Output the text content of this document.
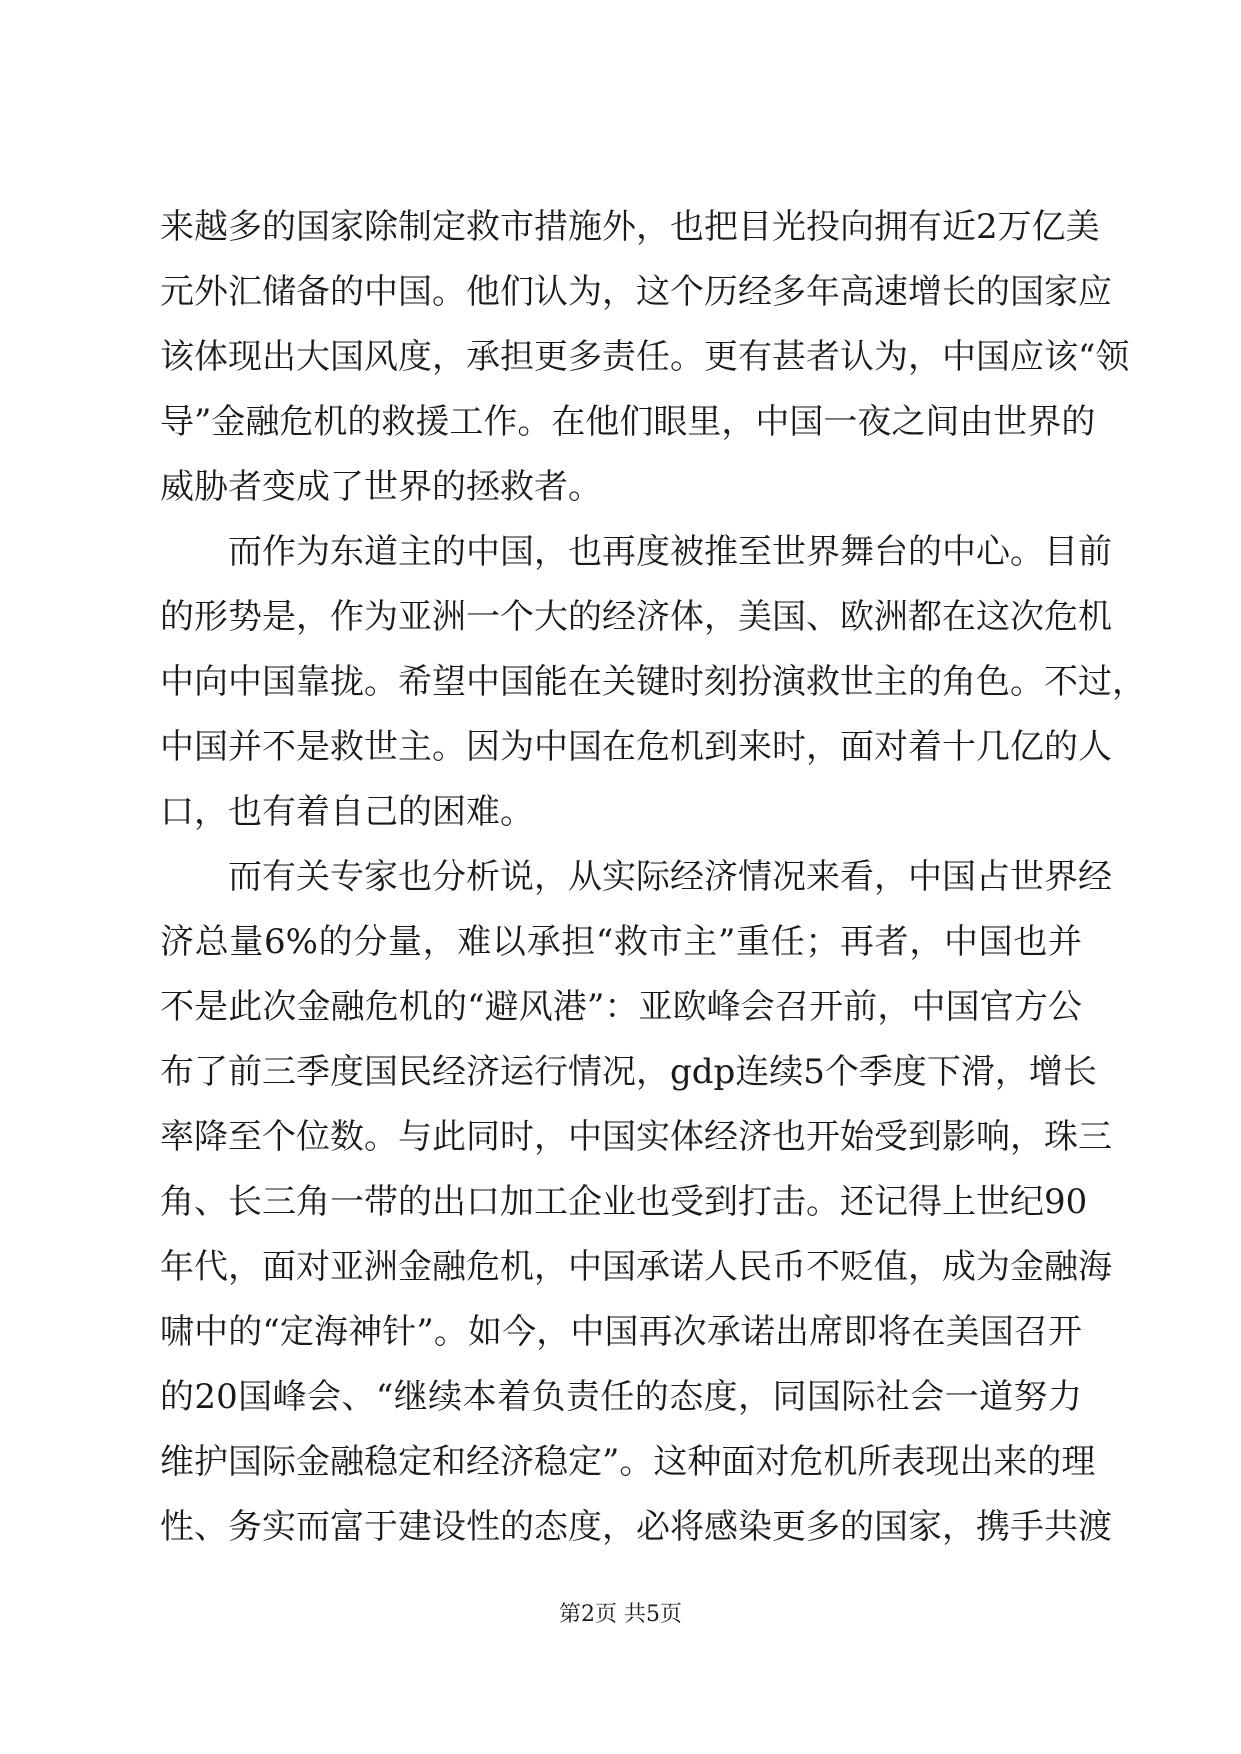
来越多的国家除制定救市措施外，也把目光投向拥有近2万亿美
元外汇储备的中国。他们认为，这个历经多年高速增长的国家应
该体现出大国风度，承担更多责任。更有甚者认为，中国应该“领
导”金融危机的救援工作。在他们眼里，中国一夜之间由世界的
威胁者变成了世界的拯救者。
而作为东道主的中国，也再度被推至世界舞台的中心。目前
的形势是，作为亚洲一个大的经济体，美国、欧洲都在这次危机
中向中国靠拢。希望中国能在关键时刻扮演救世主的角色。不过，
中国并不是救世主。因为中国在危机到来时，面对着十几亿的人
口，也有着自己的困难。
而有关专家也分析说，从实际经济情况来看，中国占世界经
济总量6%的分量，难以承担“救市主”重任；再者，中国也并
不是此次金融危机的“避风港”：亚欧峰会召开前，中国官方公
布了前三季度国民经济运行情况，gdp连续5个季度下滑，增长
率降至个位数。与此同时，中国实体经济也开始受到影响，珠三
角、长三角一带的出口加工企业也受到打击。还记得上世纪90
年代，面对亚洲金融危机，中国承诺人民币不贬值，成为金融海
啸中的“定海神针”。如今，中国再次承诺出席即将在美国召开
的20国峰会、“继续本着负责任的态度，同国际社会一道努力
维护国际金融稳定和经济稳定”。这种面对危机所表现出来的理
性、务实而富于建设性的态度，必将感染更多的国家，携手共渡
第2页 共5页
